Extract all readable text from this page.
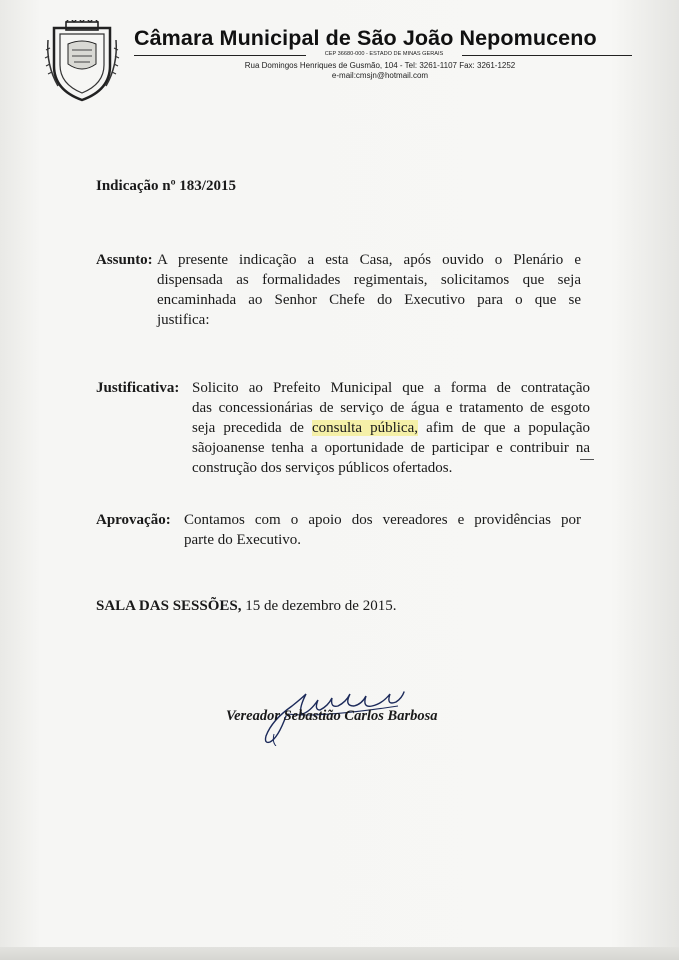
Câmara Municipal de São João Nepomuceno
CEP 36680-000 - ESTADO DE MINAS GERAIS
Rua Domingos Henriques de Gusmão, 104 - Tel: 3261-1107 Fax: 3261-1252
e-mail:cmsjn@hotmail.com
Indicação nº 183/2015
Assunto: A presente indicação a esta Casa, após ouvido o Plenário e
dispensada as formalidades regimentais, solicitamos que seja
encaminhada ao Senhor Chefe do Executivo para o que se
justifica:
Justificativa: Solicito ao Prefeito Municipal que a forma de contratação
das concessionárias de serviço de água e tratamento de esgoto
seja precedida de consulta pública, afim de que a população
sãojoanense tenha a oportunidade de participar e contribuir na
construção dos serviços públicos ofertados.
Aprovação: Contamos com o apoio dos vereadores e providências por
parte do Executivo.
SALA DAS SESSÕES, 15 de dezembro de 2015.
Vereador Sebastião Carlos Barbosa
